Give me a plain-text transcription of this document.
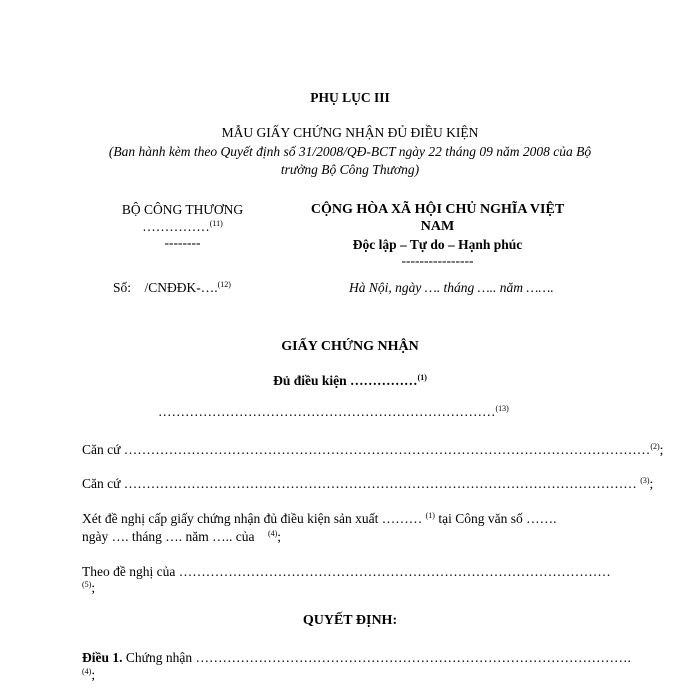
PHỤ LỤC III
MẪU GIẤY CHỨNG NHẬN ĐỦ ĐIỀU KIỆN
(Ban hành kèm theo Quyết định số 31/2008/QĐ-BCT ngày 22 tháng 09 năm 2008 của Bộ
trưởng Bộ Công Thương)
BỘ CÔNG THƯƠNG
……………$^{(11)}$
--------
Số: /CNĐĐK-….$^{(12)}$
CỘNG HÒA XÃ HỘI CHỦ NGHĨA VIỆT
NAM
Độc lập – Tự do – Hạnh phúc
----------------
Hà Nội, ngày …. tháng ….. năm …….
GIẤY CHỨNG NHẬN
Đủ điều kiện ……………$^{(1)}$
…………………………………………………………………$^{(13)}$
Căn cứ ………………………………………………………………………………………………………$^{(2)}$;
Căn cứ …………………………………………………………………………………………………… $^{(3)}$;
Xét đề nghị cấp giấy chứng nhận đủ điều kiện sản xuất ……… $^{(1)}$ tại Công văn số …….
ngày …. tháng …. năm ….. của $^{(4)}$;
Theo đề nghị của ……………………………………………………………………………………
$^{(5)}$;
QUYẾT ĐỊNH:
Điều 1. Chứng nhận …………………………………………………………………………………….
$^{(4)}$;
